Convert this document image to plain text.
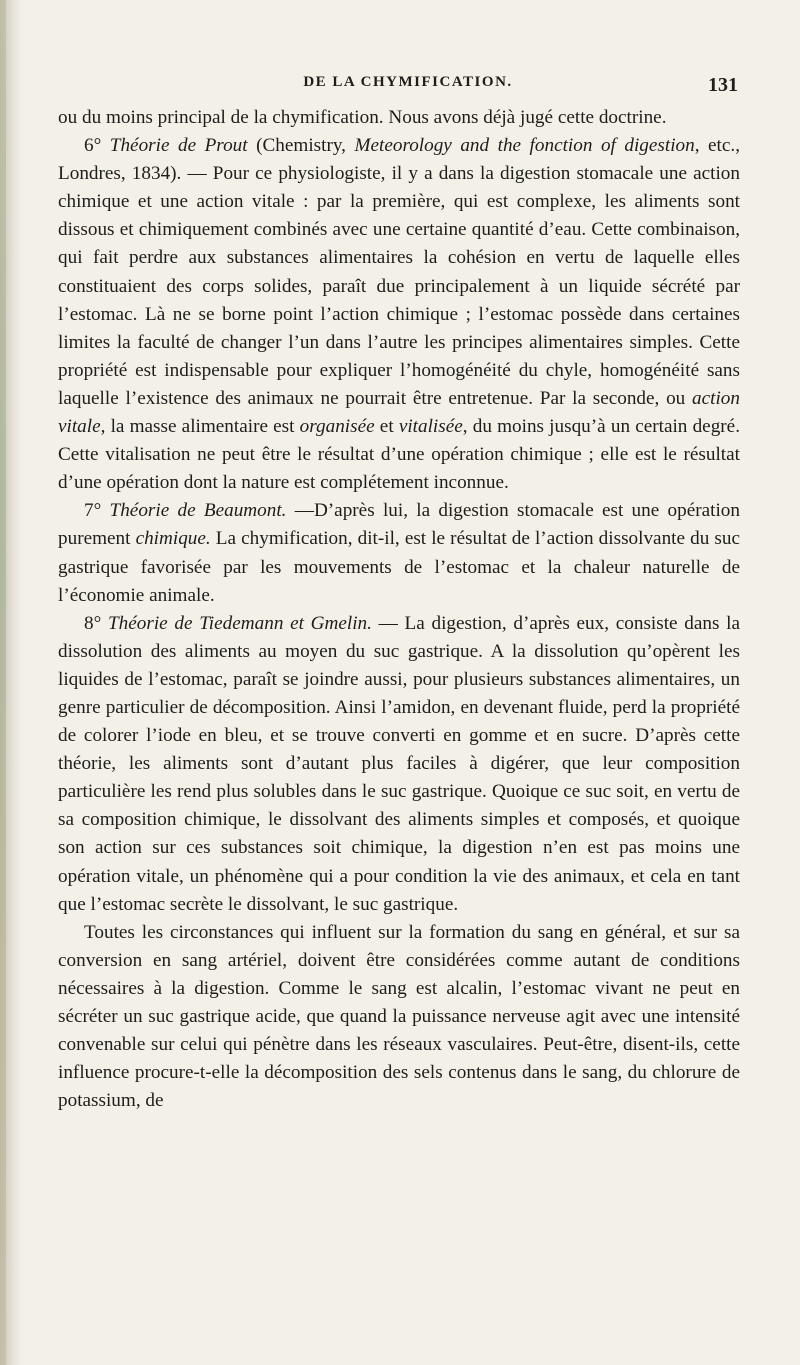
DE LA CHYMIFICATION.	131

ou du moins principal de la chymification. Nous avons déjà jugé cette doctrine.

6° Théorie de Prout (Chemistry, Meteorology and the fonction of digestion, etc., Londres, 1834). — Pour ce physiologiste, il y a dans la digestion stomacale une action chimique et une action vitale : par la première, qui est complexe, les aliments sont dissous et chimiquement combinés avec une certaine quantité d’eau. Cette combinaison, qui fait perdre aux substances alimentaires la cohésion en vertu de laquelle elles constituaient des corps solides, paraît due principalement à un liquide sécrété par l’estomac. Là ne se borne point l’action chimique ; l’estomac possède dans certaines limites la faculté de changer l’un dans l’autre les principes alimentaires simples. Cette propriété est indispensable pour expliquer l’homogénéité du chyle, homogénéité sans laquelle l’existence des animaux ne pourrait être entretenue. Par la seconde, ou action vitale, la masse alimentaire est organisée et vitalisée, du moins jusqu’à un certain degré. Cette vitalisation ne peut être le résultat d’une opération chimique ; elle est le résultat d’une opération dont la nature est complétement inconnue.

7° Théorie de Beaumont. —D’après lui, la digestion stomacale est une opération purement chimique. La chymification, dit-il, est le résultat de l’action dissolvante du suc gastrique favorisée par les mouvements de l’estomac et la chaleur naturelle de l’économie animale.

8° Théorie de Tiedemann et Gmelin. — La digestion, d’après eux, consiste dans la dissolution des aliments au moyen du suc gastrique. A la dissolution qu’opèrent les liquides de l’estomac, paraît se joindre aussi, pour plusieurs substances alimentaires, un genre particulier de décomposition. Ainsi l’amidon, en devenant fluide, perd la propriété de colorer l’iode en bleu, et se trouve converti en gomme et en sucre. D’après cette théorie, les aliments sont d’autant plus faciles à digérer, que leur composition particulière les rend plus solubles dans le suc gastrique. Quoique ce suc soit, en vertu de sa composition chimique, le dissolvant des aliments simples et composés, et quoique son action sur ces substances soit chimique, la digestion n’en est pas moins une opération vitale, un phénomène qui a pour condition la vie des animaux, et cela en tant que l’estomac secrète le dissolvant, le suc gastrique.

Toutes les circonstances qui influent sur la formation du sang en général, et sur sa conversion en sang artériel, doivent être considérées comme autant de conditions nécessaires à la digestion. Comme le sang est alcalin, l’estomac vivant ne peut en sécréter un suc gastrique acide, que quand la puissance nerveuse agit avec une intensité convenable sur celui qui pénètre dans les réseaux vasculaires. Peut-être, disent-ils, cette influence procure-t-elle la décomposition des sels contenus dans le sang, du chlorure de potassium, de
